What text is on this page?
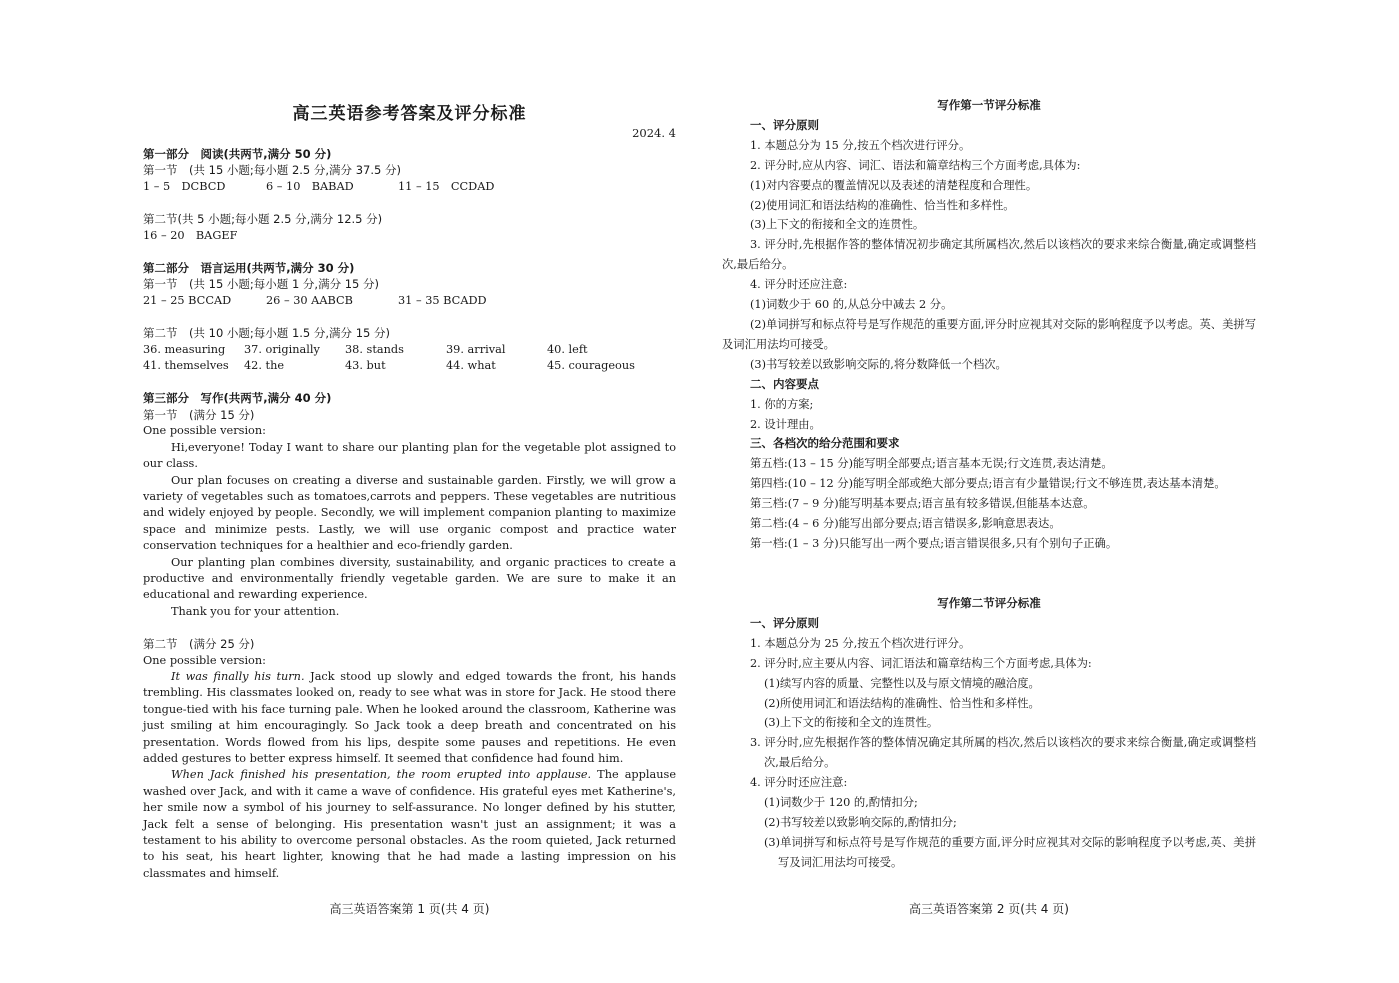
高三英语参考答案及评分标准
2024. 4
第一部分　阅读(共两节,满分 50 分)
第一节　(共 15 小题;每小题 2.5 分,满分 37.5 分)
1 – 5　DCBCD	6 – 10　BABAD	11 – 15　CCDAD
第二节(共 5 小题;每小题 2.5 分,满分 12.5 分)
16 – 20　BAGEF
第二部分　语言运用(共两节,满分 30 分)
第一节　(共 15 小题;每小题 1 分,满分 15 分)
21 – 25 BCCAD	26 – 30 AABCB	31 – 35 BCADD
第二节　(共 10 小题;每小题 1.5 分,满分 15 分)
36. measuring	37. originally	38. stands	39. arrival	40. left
41. themselves	42. the	43. but	44. what	45. courageous
第三部分　写作(共两节,满分 40 分)
第一节　(满分 15 分)
One possible version:

Hi,everyone! Today I want to share our planting plan for the vegetable plot assigned to our class.

Our plan focuses on creating a diverse and sustainable garden. Firstly, we will grow a variety of vegetables such as tomatoes,carrots and peppers. These vegetables are nutritious and widely enjoyed by people. Secondly, we will implement companion planting to maximize space and minimize pests. Lastly, we will use organic compost and practice water conservation techniques for a healthier and eco-friendly garden.

Our planting plan combines diversity, sustainability, and organic practices to create a productive and environmentally friendly vegetable garden. We are sure to make it an educational and rewarding experience.

Thank you for your attention.

第二节　(满分 25 分)
One possible version:

It was finally his turn. Jack stood up slowly and edged towards the front, his hands trembling. His classmates looked on, ready to see what was in store for Jack. He stood there tongue-tied with his face turning pale. When he looked around the classroom, Katherine was just smiling at him encouragingly. So Jack took a deep breath and concentrated on his presentation. Words flowed from his lips, despite some pauses and repetitions. He even added gestures to better express himself. It seemed that confidence had found him.

When Jack finished his presentation, the room erupted into applause. The applause washed over Jack, and with it came a wave of confidence. His grateful eyes met Katherine's, her smile now a symbol of his journey to self-assurance. No longer defined by his stutter, Jack felt a sense of belonging. His presentation wasn't just an assignment; it was a testament to his ability to overcome personal obstacles. As the room quieted, Jack returned to his seat, his heart lighter, knowing that he had made a lasting impression on his classmates and himself.

高三英语答案第 1 页(共 4 页)
写作第一节评分标准
一、评分原则
1. 本题总分为 15 分,按五个档次进行评分。
2. 评分时,应从内容、词汇、语法和篇章结构三个方面考虑,具体为:
(1)对内容要点的覆盖情况以及表述的清楚程度和合理性。
(2)使用词汇和语法结构的准确性、恰当性和多样性。
(3)上下文的衔接和全文的连贯性。
3. 评分时,先根据作答的整体情况初步确定其所属档次,然后以该档次的要求来综合衡量,确定或调整档次,最后给分。
4. 评分时还应注意:
(1)词数少于 60 的,从总分中减去 2 分。
(2)单词拼写和标点符号是写作规范的重要方面,评分时应视其对交际的影响程度予以考虑。英、美拼写及词汇用法均可接受。
(3)书写较差以致影响交际的,将分数降低一个档次。
二、内容要点
1. 你的方案;
2. 设计理由。
三、各档次的给分范围和要求
第五档:(13 – 15 分)能写明全部要点;语言基本无误;行文连贯,表达清楚。
第四档:(10 – 12 分)能写明全部或绝大部分要点;语言有少量错误;行文不够连贯,表达基本清楚。
第三档:(7 – 9 分)能写明基本要点;语言虽有较多错误,但能基本达意。
第二档:(4 – 6 分)能写出部分要点;语言错误多,影响意思表达。
第一档:(1 – 3 分)只能写出一两个要点;语言错误很多,只有个别句子正确。
写作第二节评分标准
一、评分原则
1. 本题总分为 25 分,按五个档次进行评分。
2. 评分时,应主要从内容、词汇语法和篇章结构三个方面考虑,具体为:
(1)续写内容的质量、完整性以及与原文情境的融洽度。
(2)所使用词汇和语法结构的准确性、恰当性和多样性。
(3)上下文的衔接和全文的连贯性。
3. 评分时,应先根据作答的整体情况确定其所属的档次,然后以该档次的要求来综合衡量,确定或调整档次,最后给分。
4. 评分时还应注意:
(1)词数少于 120 的,酌情扣分;
(2)书写较差以致影响交际的,酌情扣分;
(3)单词拼写和标点符号是写作规范的重要方面,评分时应视其对交际的影响程度予以考虑,英、美拼写及词汇用法均可接受。
高三英语答案第 2 页(共 4 页)
